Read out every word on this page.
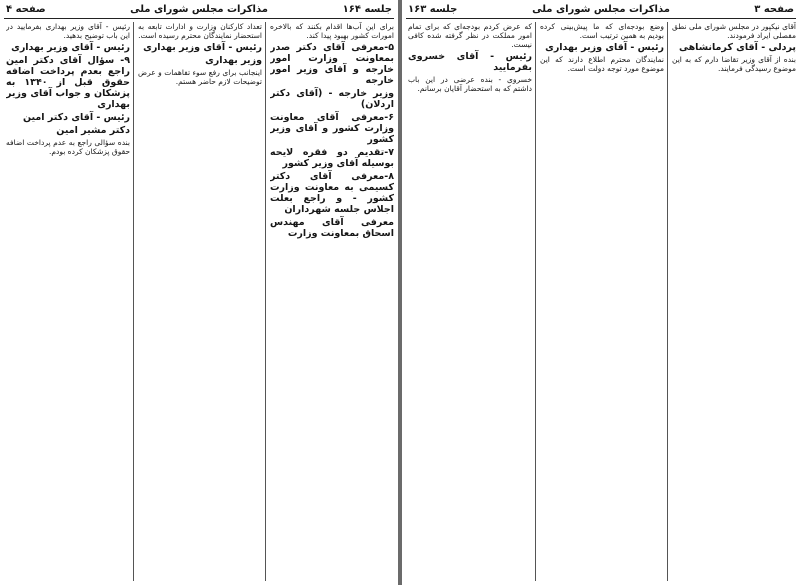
جلسه ۱۶۴
مذاکرات مجلس شورای ملی
صفحه ۴

برای این آب‌ها اقدام بکنند که بالاخره امورات کشور بهبود پیدا کند.

۵-معرفی آقای دکتر صدر بمعاونت وزارت امور خارجه و آقای وزیر امور خارجه

وزیر خارجه - (آقای دکتر اردلان)

۶-معرفی آقای معاونت وزارت کشور و آقای وزیر کشور

۷-تقدیم دو فقره لایحه بوسیله آقای وزیر کشور

۸-معرفی آقای دکتر کسیمی به معاونت وزارت کشور - و راجع بعلت اجلاس جلسه شهرداران

معرفی آقای مهندس اسحاق بمعاونت وزارت

تعداد کارکنان وزارت و ادارات تابعه به استحضار نمایندگان محترم رسیده است.

رئیس - آقای وزیر بهداری

وزیر بهداری

اینجانب برای رفع سوء تفاهمات و عرض توضیحات لازم حاضر هستم.

رئیس - آقای وزیر بهداری بفرمایید در این باب توضیح بدهید.

رئیس - آقای وزیر بهداری

۹- سؤال آقای دکتر امین راجع بعدم پرداخت اضافه حقوق قبل از ۱۳۴۰ به پزشکان و جواب آقای وزیر بهداری

رئیس - آقای دکتر امین

دکتر مشیر امین

بنده سؤالی راجع به عدم پرداخت اضافه حقوق پزشکان کرده بودم.

صفحه ۳
مذاکرات مجلس شورای ملی
جلسه ۱۶۳

آقای نیکپور در مجلس شورای ملی نطق مفصلی ایراد فرمودند.

پردلی - آقای کرمانشاهی

بنده از آقای وزیر تقاضا دارم که به این موضوع رسیدگی فرمایند.

وضع بودجه‌ای که ما پیش‌بینی کرده بودیم به همین ترتیب است.

رئیس - آقای وزیر بهداری

نمایندگان محترم اطلاع دارند که این موضوع مورد توجه دولت است.

که عرض کردم بودجه‌ای که برای تمام امور مملکت در نظر گرفته شده کافی نیست.

رئیس - آقای خسروی بفرمایید

خسروی - بنده عرضی در این باب داشتم که به استحضار آقایان برسانم.
